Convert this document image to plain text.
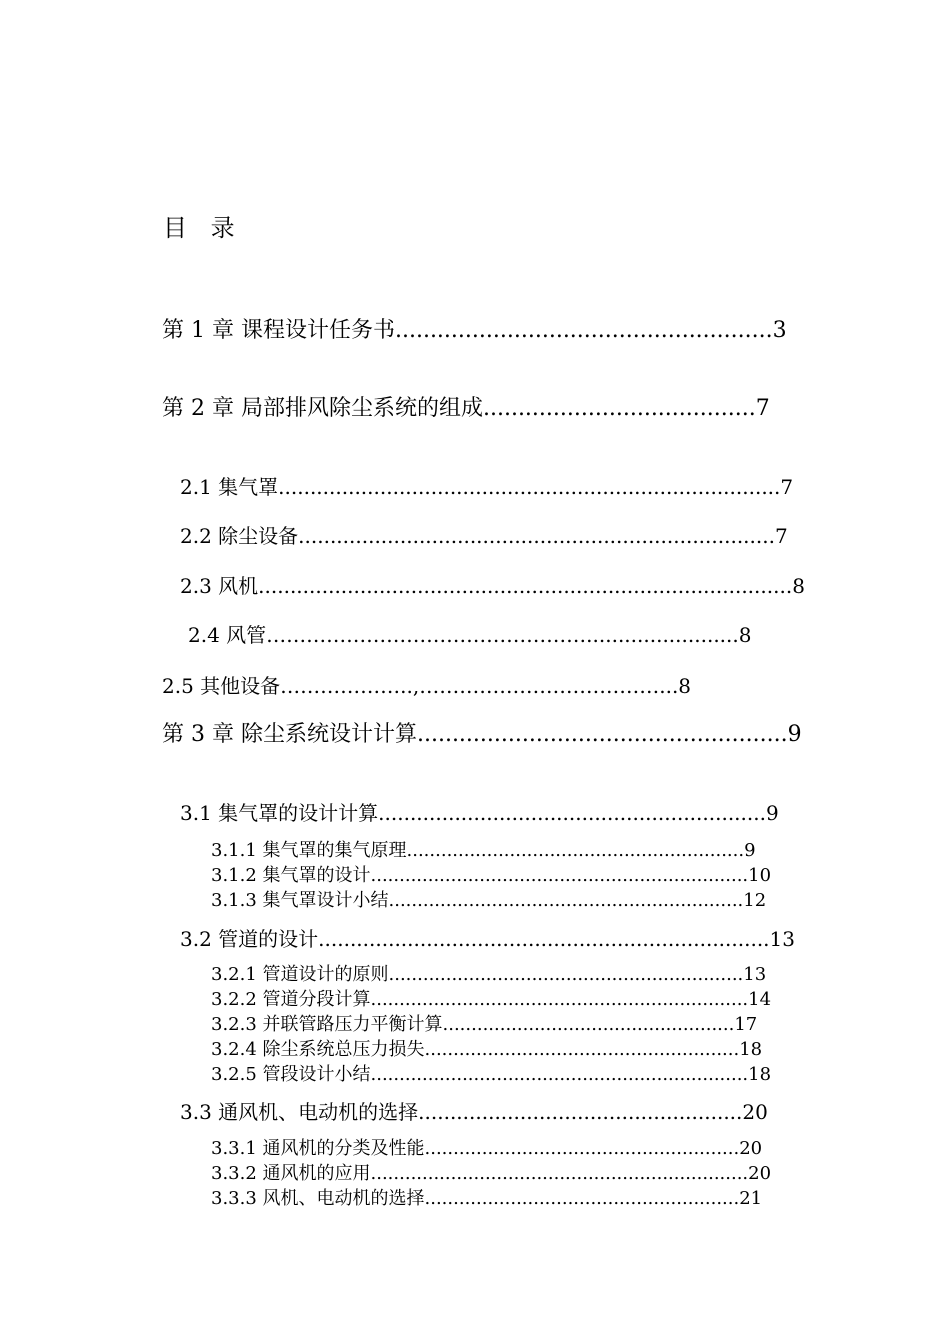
目 录
第 1 章 课程设计任务书......................................................3
第 2 章 局部排风除尘系统的组成.......................................7
2.1 集气罩...............................................................................7
2.2 除尘设备...........................................................................7
2.3 风机....................................................................................8
2.4 风管…………………………………………........................8
2.5 其他设备………………..,………………………………...8
第 3 章 除尘系统设计计算.....................................................9
3.1 集气罩的设计计算.............................................................9
3.1.1 集气罩的集气原理...........................................................9
3.1.2 集气罩的设计..................................................................10
3.1.3 集气罩设计小结..............................................................12
3.2 管道的设计.......................................................................13
3.2.1 管道设计的原则..............................................................13
3.2.2 管道分段计算..................................................................14
3.2.3 并联管路压力平衡计算...................................................17
3.2.4 除尘系统总压力损失.......................................................18
3.2.5 管段设计小结..................................................................18
3.3 通风机、电动机的选择...................................................20
3.3.1 通风机的分类及性能.......................................................20
3.3.2 通风机的应用..................................................................20
3.3.3 风机、电动机的选择.......................................................21
